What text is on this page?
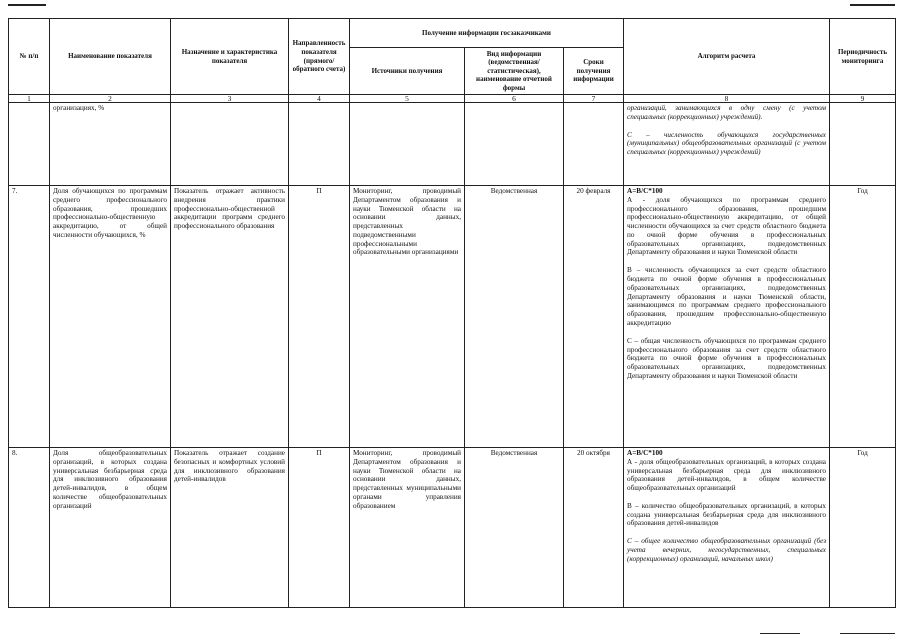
№ п/п	Наименование показателя	Назначение и характеристика показателя	Направленность показателя (прямого/обратного счета)	Получение информации госзаказчиками			Алгоритм расчета	Периодичность мониторинга
				Источники получения	Вид информации (ведомственная/статистическая), наименование отчетной формы	Сроки получения информации		
1	2	3	4	5	6	7	8	9
	организациях, %						организаций, занимающихся в одну смену (с учетом специальных (коррекционных) учреждений).

С – численность обучающихся государственных (муниципальных) общеобразовательных организаций (с учетом специальных (коррекционных) учреждений)	

7.	Доля обучающихся по программам среднего профессионального образования, прошедших профессионально-общественную аккредитацию, от общей численности обучающихся, %	Показатель отражает активность внедрения практики профессионально-общественной аккредитации программ среднего профессионального образования	П	Мониторинг, проводимый Департаментом образования и науки Тюменской области на основании данных, представленных подведомственными профессиональными образовательными организациями	Ведомственная	20 февраля	A=B/C*100

А - доля обучающихся по программам среднего профессионального образования, прошедшим профессионально-общественную аккредитацию, от общей численности обучающихся за счет средств областного бюджета по очной форме обучения в профессиональных образовательных организациях, подведомственных Департаменту образования и науки Тюменской области

В – численность обучающихся за счет средств областного бюджета по очной форме обучения в профессиональных образовательных организациях, подведомственных Департаменту образования и науки Тюменской области, занимающимся по программам среднего профессионального образования, прошедшим профессионально-общественную аккредитацию

С – общая численность обучающихся по программам среднего профессионального образования за счет средств областного бюджета по очной форме обучения в профессиональных образовательных организациях, подведомственных Департаменту образования и науки Тюменской области	Год
8.	Доля общеобразовательных организаций, в которых создана универсальная безбарьерная среда для инклюзивного образования детей-инвалидов, в общем количестве общеобразовательных организаций	Показатель отражает создание безопасных и комфортных условий для инклюзивного образования детей-инвалидов	П	Мониторинг, проводимый Департаментом образования и науки Тюменской области на основании данных, представленных муниципальными органами управления образованием	Ведомственная	20 октября	A=B/C*100

А - доля общеобразовательных организаций, в которых создана универсальная безбарьерная среда для инклюзивного образования детей-инвалидов, в общем количестве общеобразовательных организаций

В – количество общеобразовательных организаций, в которых создана универсальная безбарьерная среда для инклюзивного образования детей-инвалидов

С – общее количество общеобразовательных организаций (без учета вечерних, негосударственных, специальных (коррекционных) организаций, начальных школ)	Год
